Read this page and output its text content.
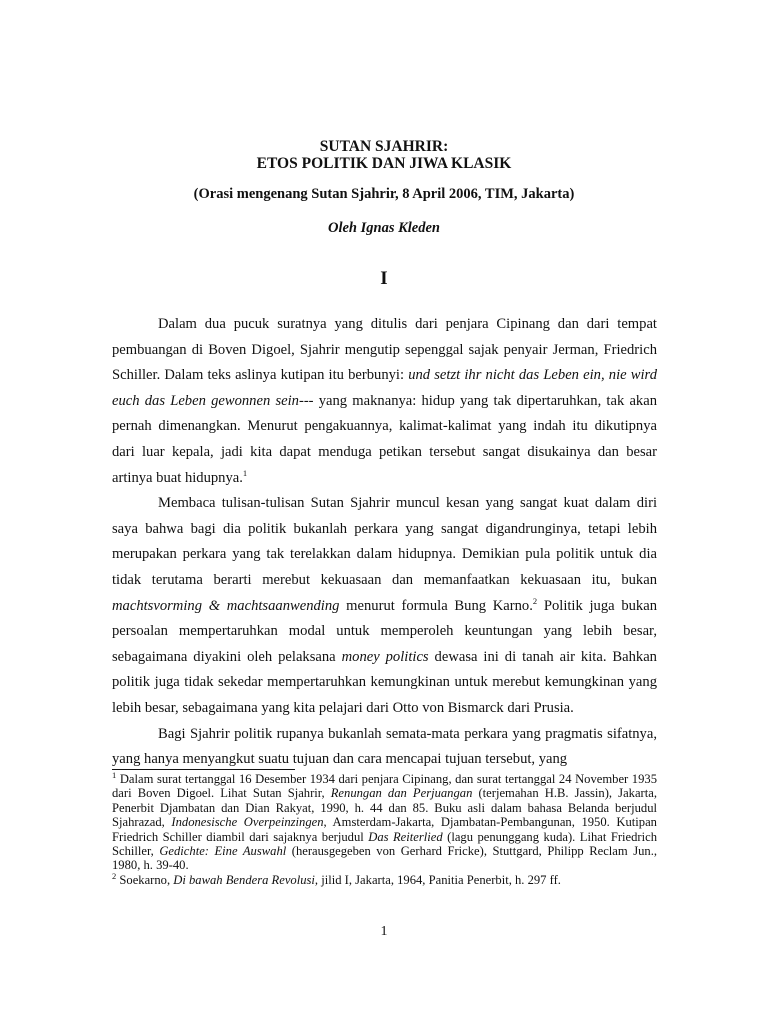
SUTAN SJAHRIR:
ETOS POLITIK DAN JIWA KLASIK
(Orasi mengenang Sutan Sjahrir, 8 April 2006, TIM, Jakarta)
Oleh Ignas Kleden
I

Dalam dua pucuk suratnya yang ditulis dari penjara Cipinang dan dari tempat pembuangan di Boven Digoel, Sjahrir mengutip sepenggal sajak penyair Jerman, Friedrich Schiller. Dalam teks aslinya kutipan itu berbunyi: und setzt ihr nicht das Leben ein, nie wird euch das Leben gewonnen sein--- yang maknanya: hidup yang tak dipertaruhkan, tak akan pernah dimenangkan. Menurut pengakuannya, kalimat-kalimat yang indah itu dikutipnya dari luar kepala, jadi kita dapat menduga petikan tersebut sangat disukainya dan besar artinya buat hidupnya.$^1$

Membaca tulisan-tulisan Sutan Sjahrir muncul kesan yang sangat kuat dalam diri saya bahwa bagi dia politik bukanlah perkara yang sangat digandrunginya, tetapi lebih merupakan perkara yang tak terelakkan dalam hidupnya. Demikian pula politik untuk dia tidak terutama berarti merebut kekuasaan dan memanfaatkan kekuasaan itu, bukan machtsvorming & machtsaanwending menurut formula Bung Karno.$^2$ Politik juga bukan persoalan mempertaruhkan modal untuk memperoleh keuntungan yang lebih besar, sebagaimana diyakini oleh pelaksana money politics dewasa ini di tanah air kita. Bahkan politik juga tidak sekedar mempertaruhkan kemungkinan untuk merebut kemungkinan yang lebih besar, sebagaimana yang kita pelajari dari Otto von Bismarck dari Prusia.

Bagi Sjahrir politik rupanya bukanlah semata-mata perkara yang pragmatis sifatnya, yang hanya menyangkut suatu tujuan dan cara mencapai tujuan tersebut, yang

$^1$ Dalam surat tertanggal 16 Desember 1934 dari penjara Cipinang, dan surat tertanggal 24 November 1935 dari Boven Digoel. Lihat Sutan Sjahrir, Renungan dan Perjuangan (terjemahan H.B. Jassin), Jakarta, Penerbit Djambatan dan Dian Rakyat, 1990, h. 44 dan 85. Buku asli dalam bahasa Belanda berjudul Sjahrazad, Indonesische Overpeinzingen, Amsterdam-Jakarta, Djambatan-Pembangunan, 1950. Kutipan Friedrich Schiller diambil dari sajaknya berjudul Das Reiterlied (lagu penunggang kuda). Lihat Friedrich Schiller, Gedichte: Eine Auswahl (herausgegeben von Gerhard Fricke), Stuttgard, Philipp Reclam Jun., 1980, h. 39-40.

$^2$ Soekarno, Di bawah Bendera Revolusi, jilid I, Jakarta, 1964, Panitia Penerbit, h. 297 ff.

1
